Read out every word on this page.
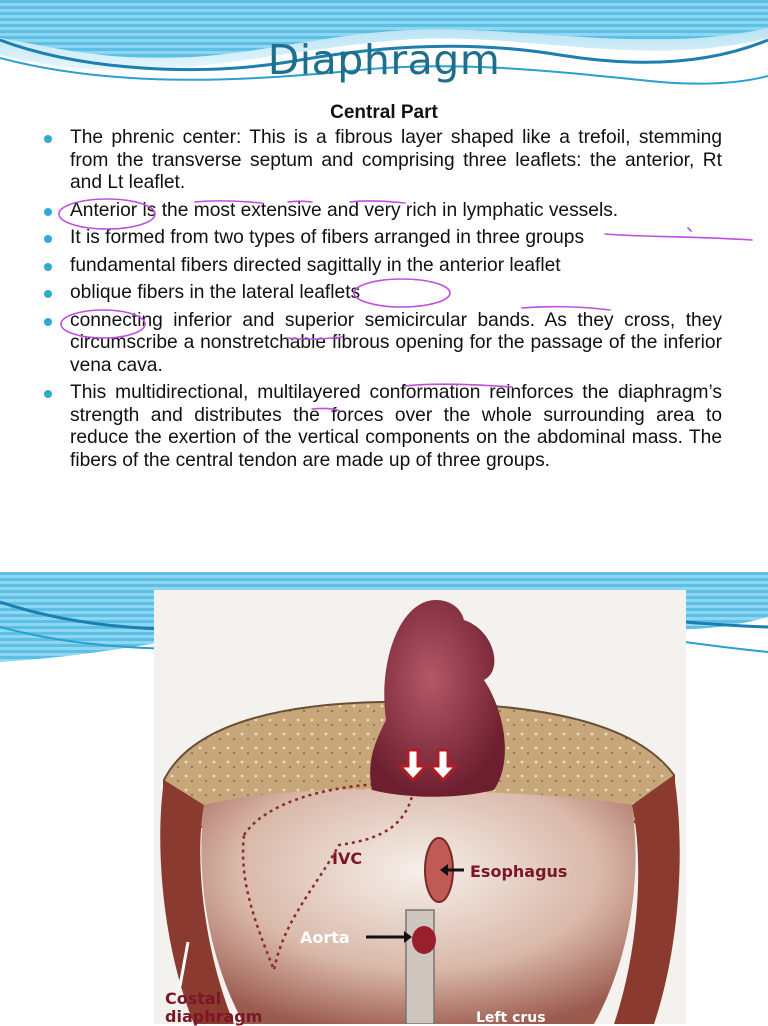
Diaphragm
Central Part
The phrenic center: This is a fibrous layer shaped like a trefoil, stemming from the transverse septum and comprising three leaflets: the anterior, Rt and Lt leaflet.
Anterior is the most extensive and very rich in lymphatic vessels.
It is formed from two types of fibers arranged in three groups
fundamental fibers directed sagittally in the anterior leaflet
oblique fibers in the lateral leaflets
connecting inferior and superior semicircular bands. As they cross, they circumscribe a nonstretchable fibrous opening for the passage of the inferior vena cava.
This multidirectional, multilayered conformation reinforces the diaphragm’s strength and distributes the forces over the whole surrounding area to reduce the exertion of the vertical components on the abdominal mass. The fibers of the central tendon are made up of three groups.
IVC
Esophagus
Aorta
Left crus
Costal
diaphragm
